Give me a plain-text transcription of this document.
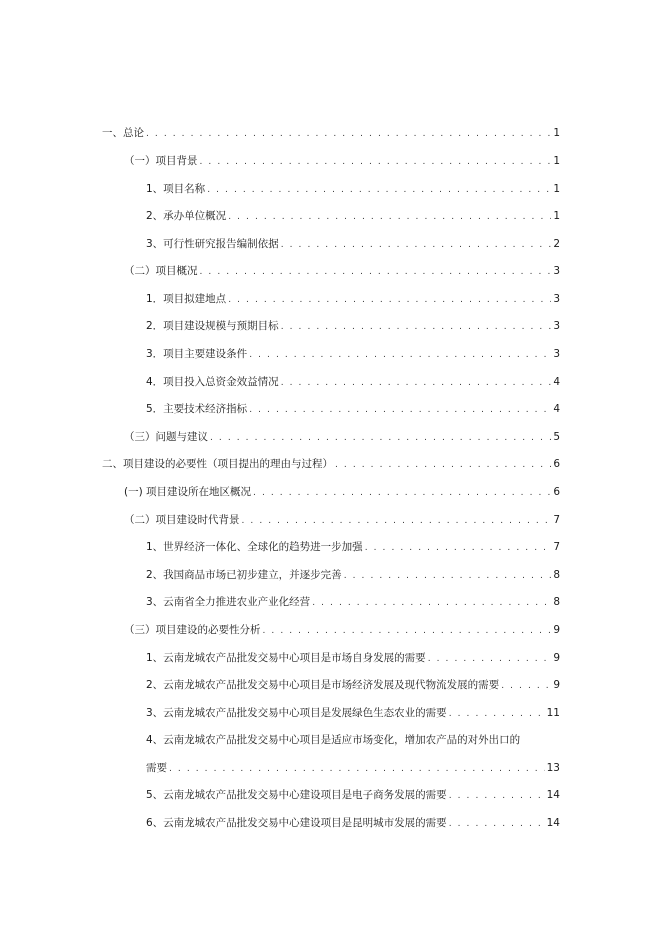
一、总论 . . .	1
（一）项目背景 . . .	1
1、项目名称 . . .	1
2、承办单位概况 . . .	1
3、可行性研究报告编制依据 . . .	2
（二）项目概况 . . .	3
1．项目拟建地点 . . .	3
2．项目建设规模与预期目标 . . .	3
3．项目主要建设条件 . . .	3
4．项目投入总资金效益情况 . . .	4
5．主要技术经济指标 . . .	4
（三）问题与建议 . . .	5
二、项目建设的必要性（项目提出的理由与过程） . . .	6
(一) 项目建设所在地区概况 . . .	6
（二）项目建设时代背景 . . .	7
1、世界经济一体化、全球化的趋势进一步加强 . . .	7
2、我国商品市场已初步建立，并逐步完善 . . .	8
3、云南省全力推进农业产业化经营 . . .	8
（三）项目建设的必要性分析 . . .	9
1、云南龙城农产品批发交易中心项目是市场自身发展的需要 . . .	9
2、云南龙城农产品批发交易中心项目是市场经济发展及现代物流发展的需要 . . .	9
3、云南龙城农产品批发交易中心项目是发展绿色生态农业的需要 . . .	11
4、云南龙城农产品批发交易中心项目是适应市场变化，增加农产品的对外出口的
需要 . . .	13
5、云南龙城农产品批发交易中心建设项目是电子商务发展的需要 . . .	14
6、云南龙城农产品批发交易中心建设项目是昆明城市发展的需要 . . .	14
